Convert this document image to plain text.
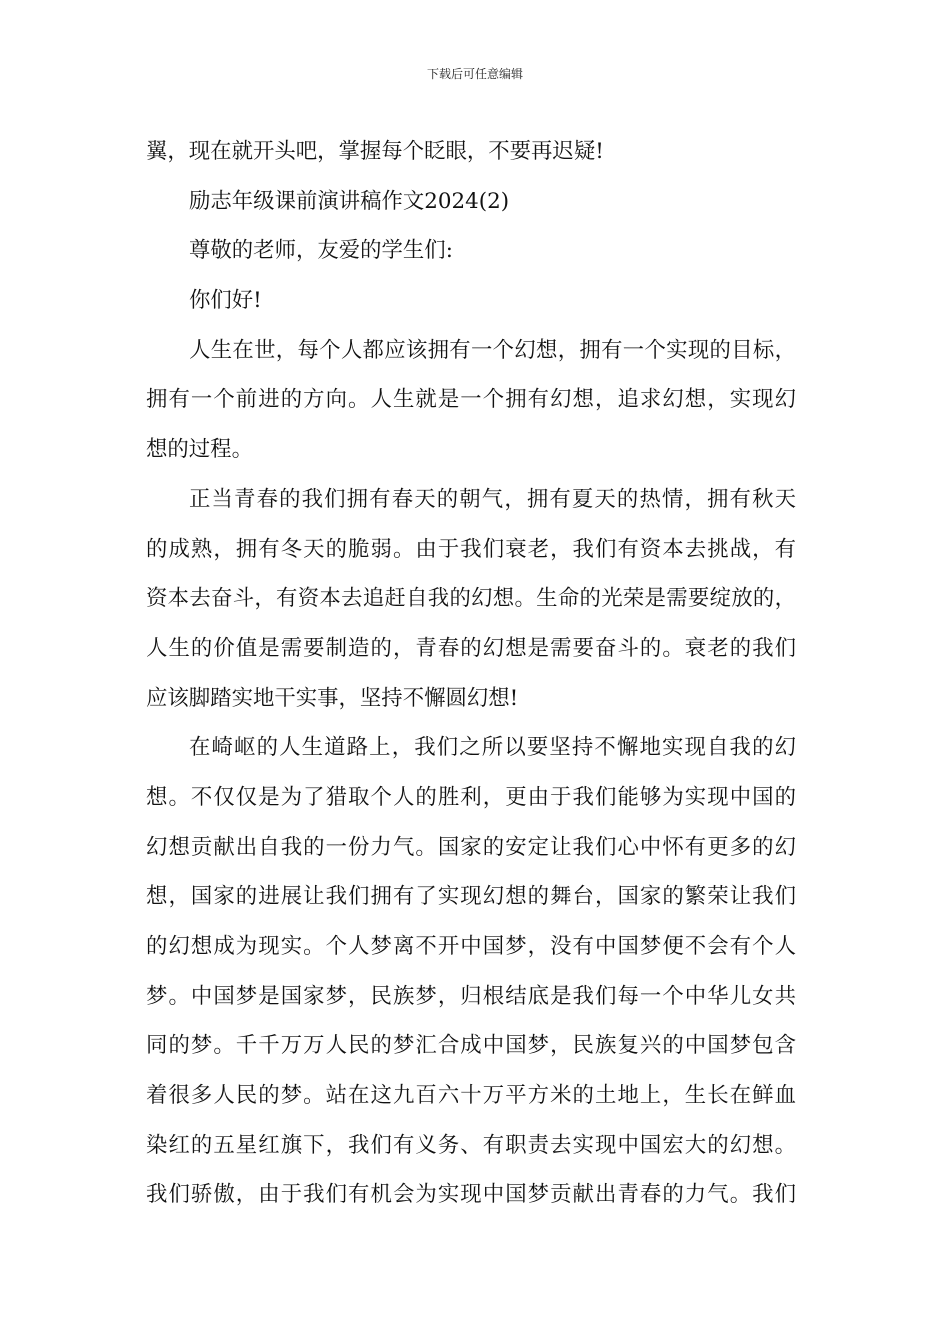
下载后可任意编辑
翼，现在就开头吧，掌握每个眨眼，不要再迟疑!
励志年级课前演讲稿作文2024(2)
尊敬的老师，友爱的学生们:
你们好!
人生在世，每个人都应该拥有一个幻想，拥有一个实现的目标，
拥有一个前进的方向。人生就是一个拥有幻想，追求幻想，实现幻
想的过程。
正当青春的我们拥有春天的朝气，拥有夏天的热情，拥有秋天
的成熟，拥有冬天的脆弱。由于我们衰老，我们有资本去挑战，有
资本去奋斗，有资本去追赶自我的幻想。生命的光荣是需要绽放的，
人生的价值是需要制造的，青春的幻想是需要奋斗的。衰老的我们
应该脚踏实地干实事，坚持不懈圆幻想!
在崎岖的人生道路上，我们之所以要坚持不懈地实现自我的幻
想。不仅仅是为了猎取个人的胜利，更由于我们能够为实现中国的
幻想贡献出自我的一份力气。国家的安定让我们心中怀有更多的幻
想，国家的进展让我们拥有了实现幻想的舞台，国家的繁荣让我们
的幻想成为现实。个人梦离不开中国梦，没有中国梦便不会有个人
梦。中国梦是国家梦，民族梦，归根结底是我们每一个中华儿女共
同的梦。千千万万人民的梦汇合成中国梦，民族复兴的中国梦包含
着很多人民的梦。站在这九百六十万平方米的土地上，生长在鲜血
染红的五星红旗下，我们有义务、有职责去实现中国宏大的幻想。
我们骄傲，由于我们有机会为实现中国梦贡献出青春的力气。我们
